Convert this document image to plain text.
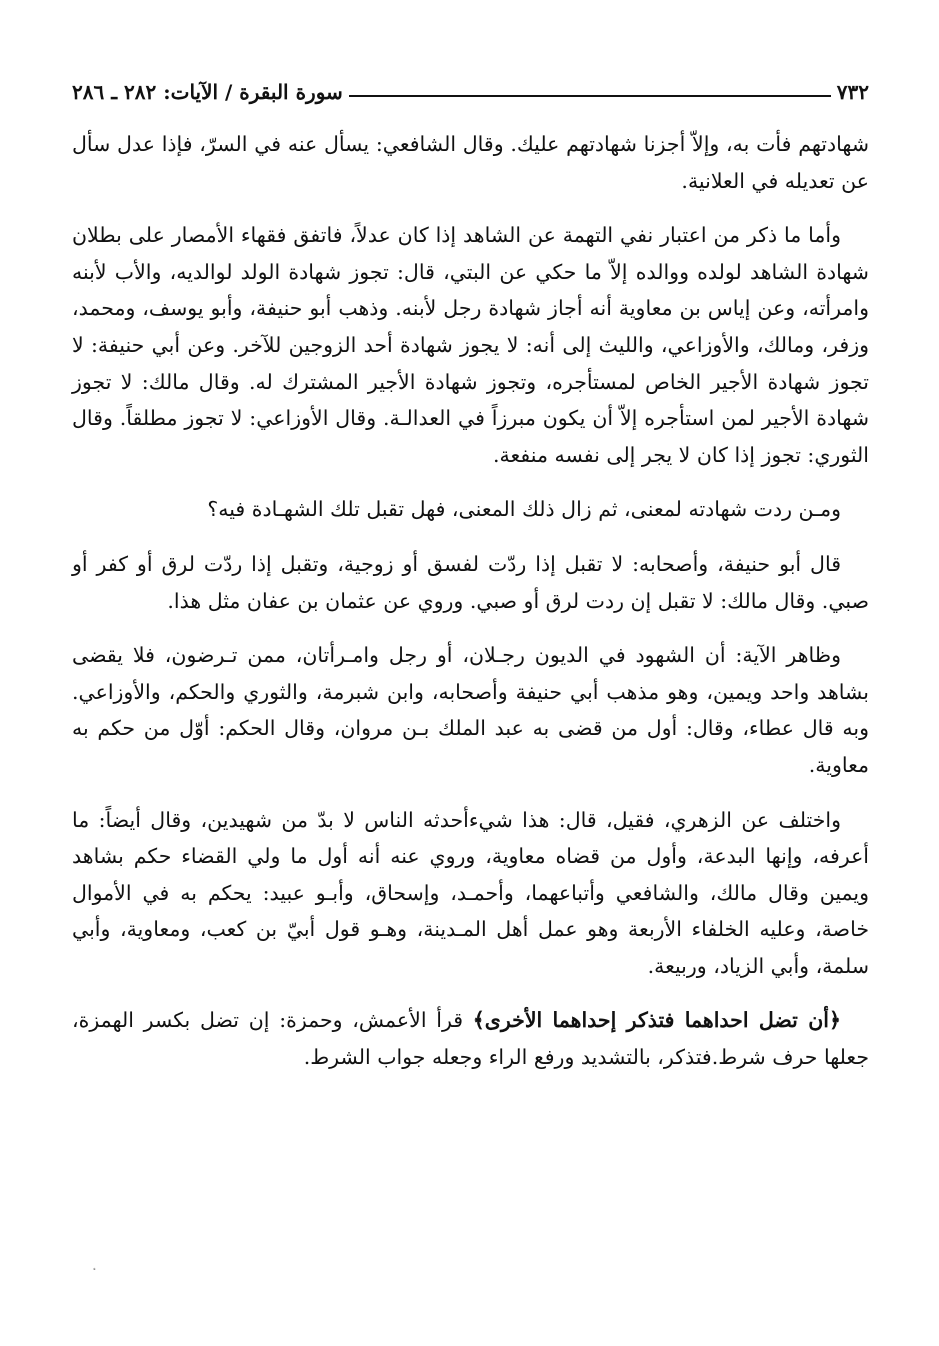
٧٣٢
سورة البقرة / الآيات: ٢٨٢ ـ ٢٨٦

شهادتهم فأت به، وإلاّ أجزنا شهادتهم عليك. وقال الشافعي: يسأل عنه في السرّ، فإذا عدل سأل عن تعديله في العلانية.

وأما ما ذكر من اعتبار نفي التهمة عن الشاهد إذا كان عدلاً، فاتفق فقهاء الأمصار على بطلان شهادة الشاهد لولده ووالده إلاّ ما حكي عن البتي، قال: تجوز شهادة الولد لوالديه، والأب لأبنه وامرأته، وعن إياس بن معاوية أنه أجاز شهادة رجل لأبنه. وذهب أبو حنيفة، وأبو يوسف، ومحمد، وزفر، ومالك، والأوزاعي، والليث إلى أنه: لا يجوز شهادة أحد الزوجين للآخر. وعن أبي حنيفة: لا تجوز شهادة الأجير الخاص لمستأجره، وتجوز شهادة الأجير المشترك له. وقال مالك: لا تجوز شهادة الأجير لمن استأجره إلاّ أن يكون مبرزاً في العدالـة. وقال الأوزاعي: لا تجوز مطلقاً. وقال الثوري: تجوز إذا كان لا يجر إلى نفسه منفعة.

ومـن ردت شهادته لمعنى، ثم زال ذلك المعنى، فهل تقبل تلك الشهـادة فيه؟

قال أبو حنيفة، وأصحابه: لا تقبل إذا ردّت لفسق أو زوجية، وتقبل إذا ردّت لرق أو كفر أو صبي. وقال مالك: لا تقبل إن ردت لرق أو صبي. وروي عن عثمان بن عفان مثل هذا.

وظاهر الآية: أن الشهود في الديون رجـلان، أو رجل وامـرأتان، ممن تـرضون، فلا يقضى بشاهد واحد ويمين، وهو مذهب أبي حنيفة وأصحابه، وابن شبرمة، والثوري والحكم، والأوزاعي. وبه قال عطاء، وقال: أول من قضى به عبد الملك بـن مروان، وقال الحكم: أوّل من حكم به معاوية.

واختلف عن الزهري، فقيل، قال: هذا شيءأحدثه الناس لا بدّ من شهيدين، وقال أيضاً: ما أعرفه، وإنها البدعة، وأول من قضاه معاوية، وروي عنه أنه أول ما ولي القضاء حكم بشاهد ويمين وقال مالك، والشافعي وأتباعهما، وأحمـد، وإسحاق، وأبـو عبيد: يحكم به في الأموال خاصة، وعليه الخلفاء الأربعة وهو عمل أهل المـدينة، وهـو قول أبيّ بن كعب، ومعاوية، وأبي سلمة، وأبي الزياد، وربيعة.

﴿أن تضل احداهما فتذكر إحداهما الأخرى﴾ قرأ الأعمش، وحمزة: إن تضل بكسر الهمزة، جعلها حرف شرط.فتذكر، بالتشديد ورفع الراء وجعله جواب الشرط.
